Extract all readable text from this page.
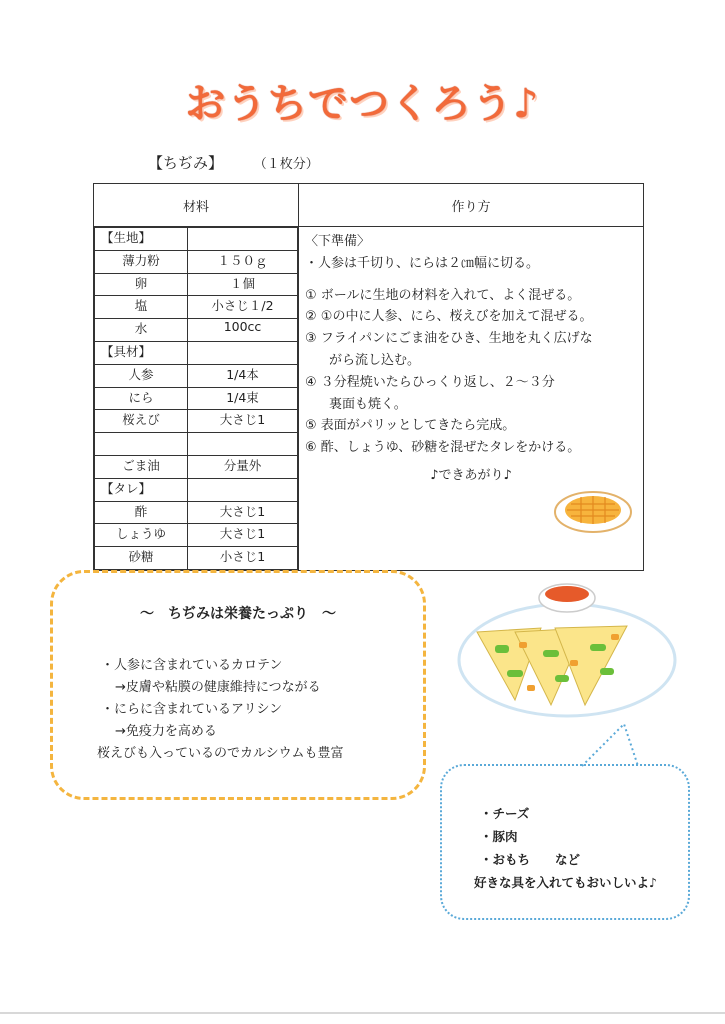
おうちでつくろう♪
【ちぢみ】 （１枚分）
材料	作り方

【生地】	
薄力粉	１５０ｇ
卵	１個
塩	小さじ１/2
水	100cc
【具材】	
人参	1/4本
にら	1/4束
桜えび	大さじ1

ごま油	分量外
【タレ】	
酢	大さじ1
しょうゆ	大さじ1
砂糖	小さじ1

〈下準備〉
・人参は千切り、にらは２㎝幅に切る。
① ボールに生地の材料を入れて、よく混ぜる。
② ①の中に人参、にら、桜えびを加えて混ぜる。
③ フライパンにごま油をひき、生地を丸く広げな
がら流し込む。
④ ３分程焼いたらひっくり返し、２～３分
裏面も焼く。
⑤ 表面がパリッとしてきたら完成。
⑥ 酢、しょうゆ、砂糖を混ぜたタレをかける。
♪できあがり♪
～　ちぢみは栄養たっぷり　～
・人参に含まれているカロテン
→皮膚や粘膜の健康維持につながる
・にらに含まれているアリシン
→免疫力を高める
桜えびも入っているのでカルシウムも豊富
・チーズ
・豚肉
・おもち　　など
好きな具を入れてもおいしいよ♪
